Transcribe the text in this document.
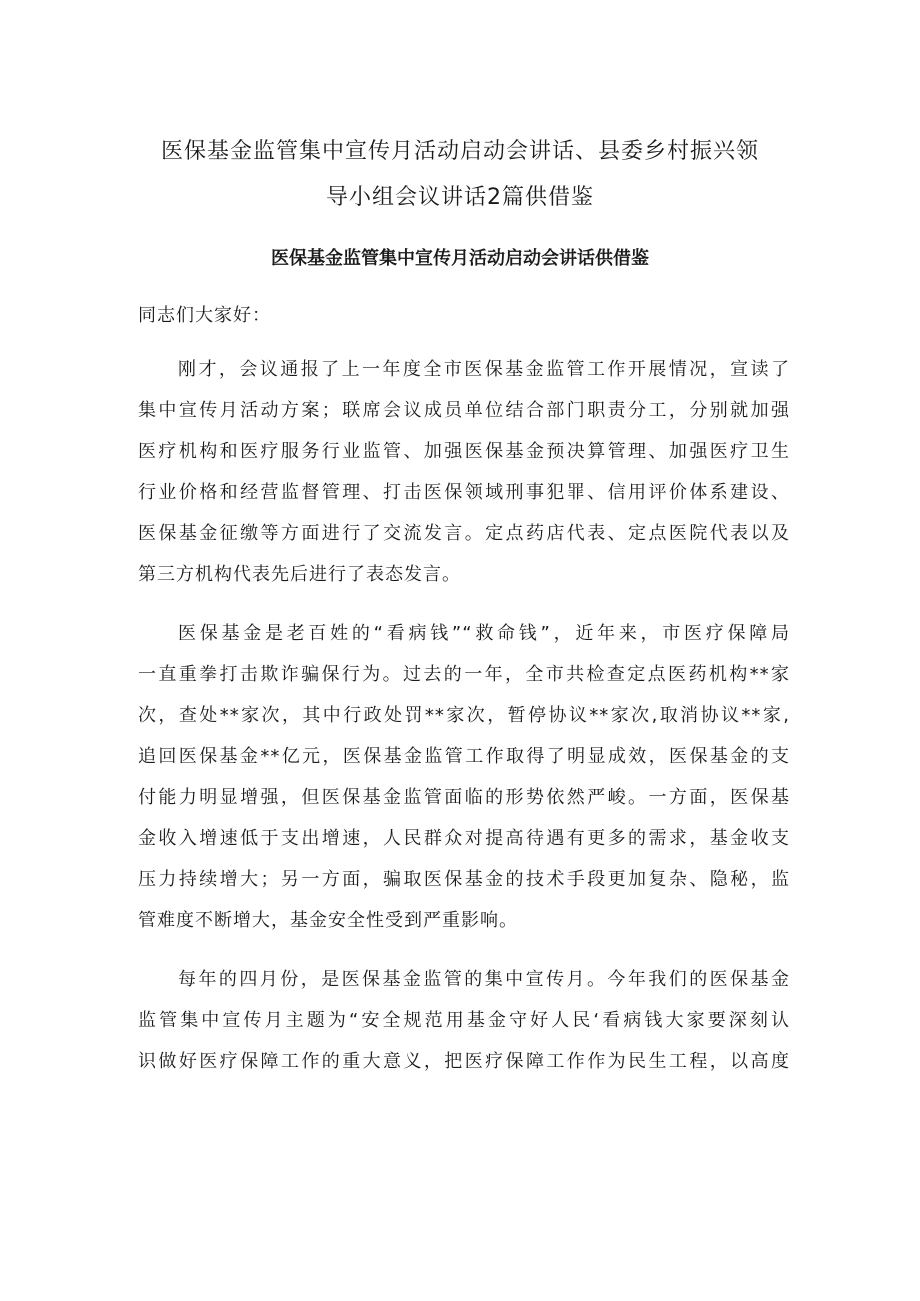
医保基金监管集中宣传月活动启动会讲话、县委乡村振兴领
导小组会议讲话2篇供借鉴
医保基金监管集中宣传月活动启动会讲话供借鉴
同志们大家好：
刚才，会议通报了上一年度全市医保基金监管工作开展情况，宣读了
集中宣传月活动方案；联席会议成员单位结合部门职责分工，分别就加强
医疗机构和医疗服务行业监管、加强医保基金预决算管理、加强医疗卫生
行业价格和经营监督管理、打击医保领域刑事犯罪、信用评价体系建设、
医保基金征缴等方面进行了交流发言。定点药店代表、定点医院代表以及
第三方机构代表先后进行了表态发言。
医保基金是老百姓的“看病钱”“救命钱”，近年来，市医疗保障局
一直重拳打击欺诈骗保行为。过去的一年，全市共检查定点医药机构**家
次，查处**家次，其中行政处罚**家次，暂停协议**家次,取消协议**家,
追回医保基金**亿元，医保基金监管工作取得了明显成效，医保基金的支
付能力明显增强，但医保基金监管面临的形势依然严峻。一方面，医保基
金收入增速低于支出增速，人民群众对提高待遇有更多的需求，基金收支
压力持续增大；另一方面，骗取医保基金的技术手段更加复杂、隐秘，监
管难度不断增大，基金安全性受到严重影响。
每年的四月份，是医保基金监管的集中宣传月。今年我们的医保基金
监管集中宣传月主题为“安全规范用基金守好人民‘看病钱大家要深刻认
识做好医疗保障工作的重大意义，把医疗保障工作作为民生工程，以高度
